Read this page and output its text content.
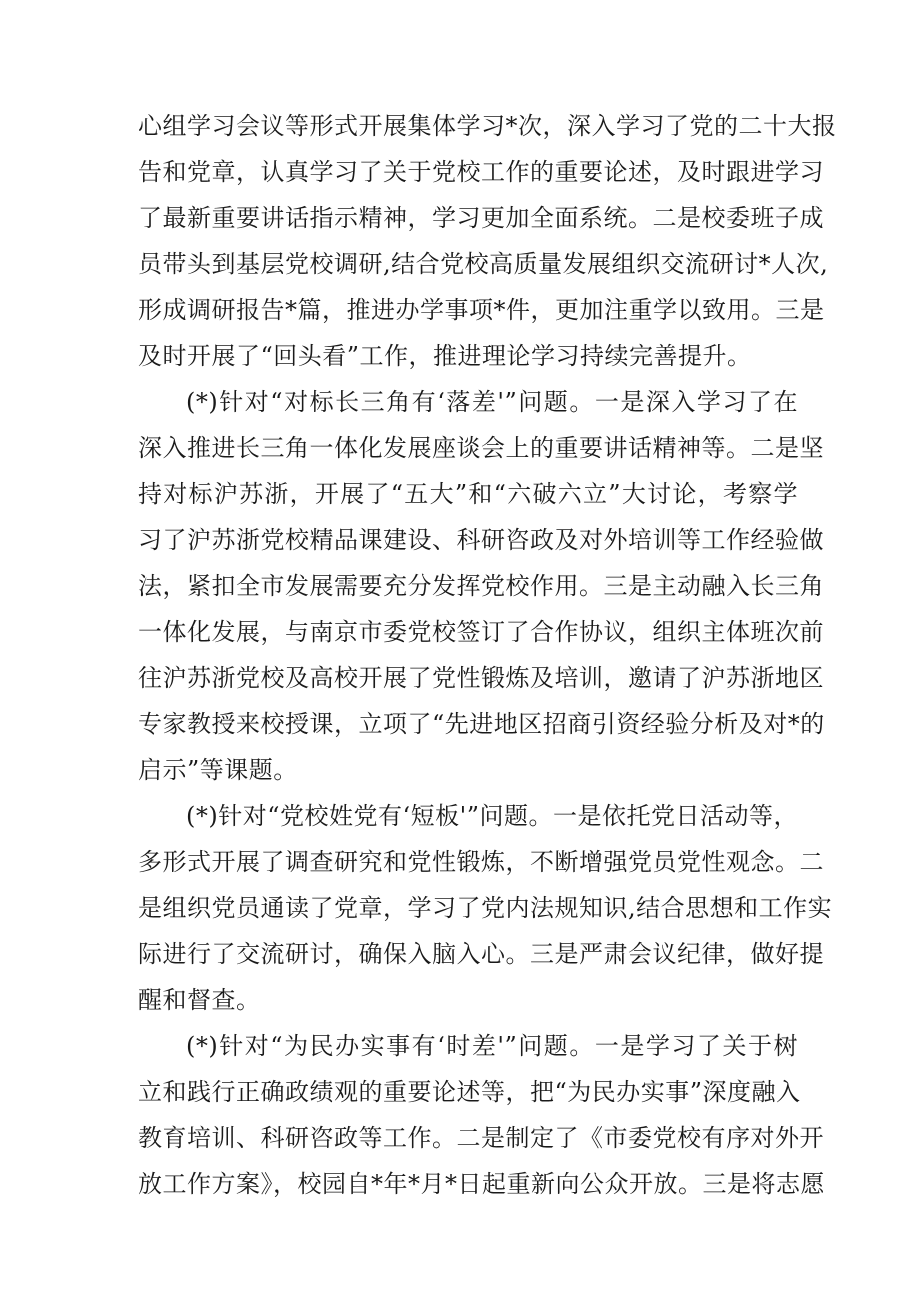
心组学习会议等形式开展集体学习*次，深入学习了党的二十大报
告和党章，认真学习了关于党校工作的重要论述，及时跟进学习
了最新重要讲话指示精神，学习更加全面系统。二是校委班子成
员带头到基层党校调研,结合党校高质量发展组织交流研讨*人次,
形成调研报告*篇，推进办学事项*件，更加注重学以致用。三是
及时开展了“回头看”工作，推进理论学习持续完善提升。
(*)针对“对标长三角有‘落差'”问题。一是深入学习了在
深入推进长三角一体化发展座谈会上的重要讲话精神等。二是坚
持对标沪苏浙，开展了“五大”和“六破六立”大讨论，考察学
习了沪苏浙党校精品课建设、科研咨政及对外培训等工作经验做
法，紧扣全市发展需要充分发挥党校作用。三是主动融入长三角
一体化发展，与南京市委党校签订了合作协议，组织主体班次前
往沪苏浙党校及高校开展了党性锻炼及培训，邀请了沪苏浙地区
专家教授来校授课，立项了“先进地区招商引资经验分析及对*的
启示”等课题。
(*)针对“党校姓党有‘短板'”问题。一是依托党日活动等，
多形式开展了调查研究和党性锻炼，不断增强党员党性观念。二
是组织党员通读了党章，学习了党内法规知识,结合思想和工作实
际进行了交流研讨，确保入脑入心。三是严肃会议纪律，做好提
醒和督查。
(*)针对“为民办实事有‘时差'”问题。一是学习了关于树
立和践行正确政绩观的重要论述等，把“为民办实事”深度融入
教育培训、科研咨政等工作。二是制定了《市委党校有序对外开
放工作方案》，校园自*年*月*日起重新向公众开放。三是将志愿
